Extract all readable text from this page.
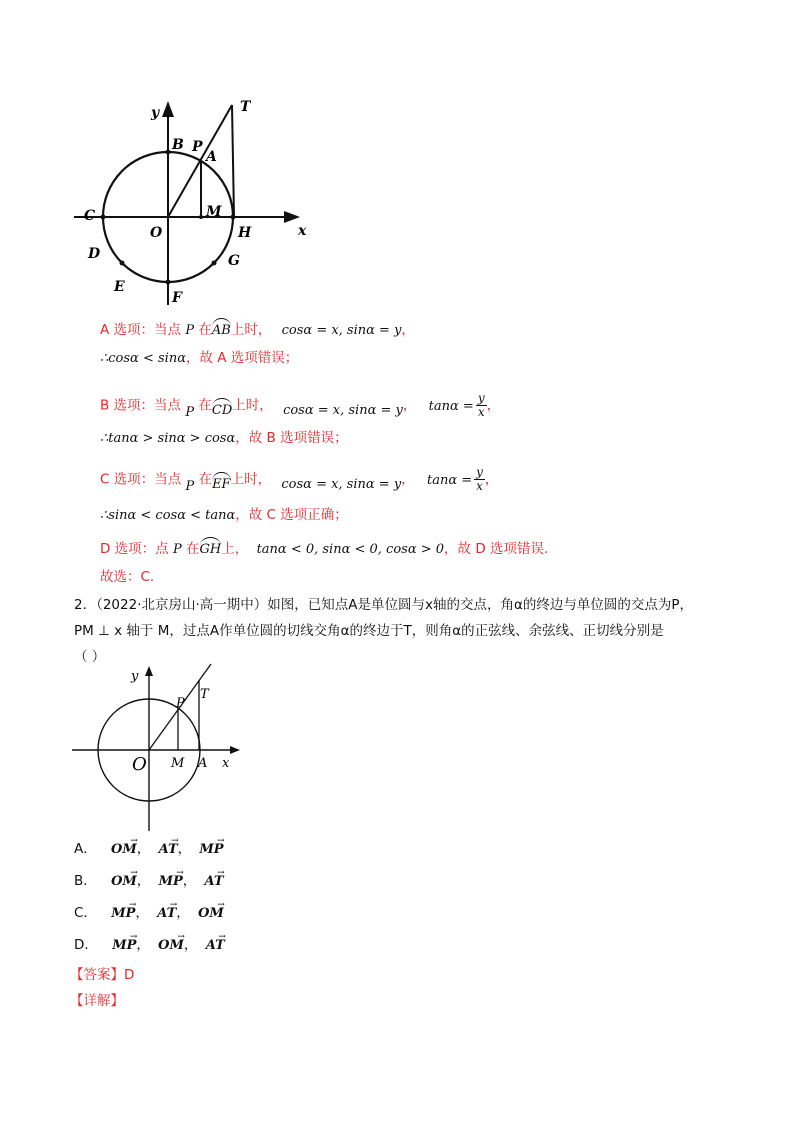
y	T
B P
A
M
C
O	H	x
D	G
E
F
A 选项：当点 P 在AB上时， cosα = x, sinα = y，
∴cosα < sinα，故 A 选项错误；
B 选项：当点 P 在CD上时， cosα = x, sinα = y， $\tan\alpha = \frac{y}{x}$ ，
∴tanα > sinα > cosα，故 B 选项错误；
C 选项：当点 P 在EF上时， cosα = x, sinα = y， $\tan\alpha = \frac{y}{x}$ ，
∴sinα < cosα < tanα，故 C 选项正确；
D 选项：点 P 在GH上， tanα < 0, sinα < 0, cosα > 0，故 D 选项错误.
故选：C.
2．（2022·北京房山·高一期中）如图，已知点A是单位圆与x轴的交点，角α的终边与单位圆的交点为P，
PM ⊥ x 轴于 M，过点A作单位圆的切线交角α的终边于T，则角α的正弦线、余弦线、正切线分别是
（ ）
y
P
T
O M A x
A． OM →， AT →， MP →
B． OM →， MP →， AT →
C． MP →， AT →， OM →
D． MP →， OM →， AT →
【答案】D
【详解】
